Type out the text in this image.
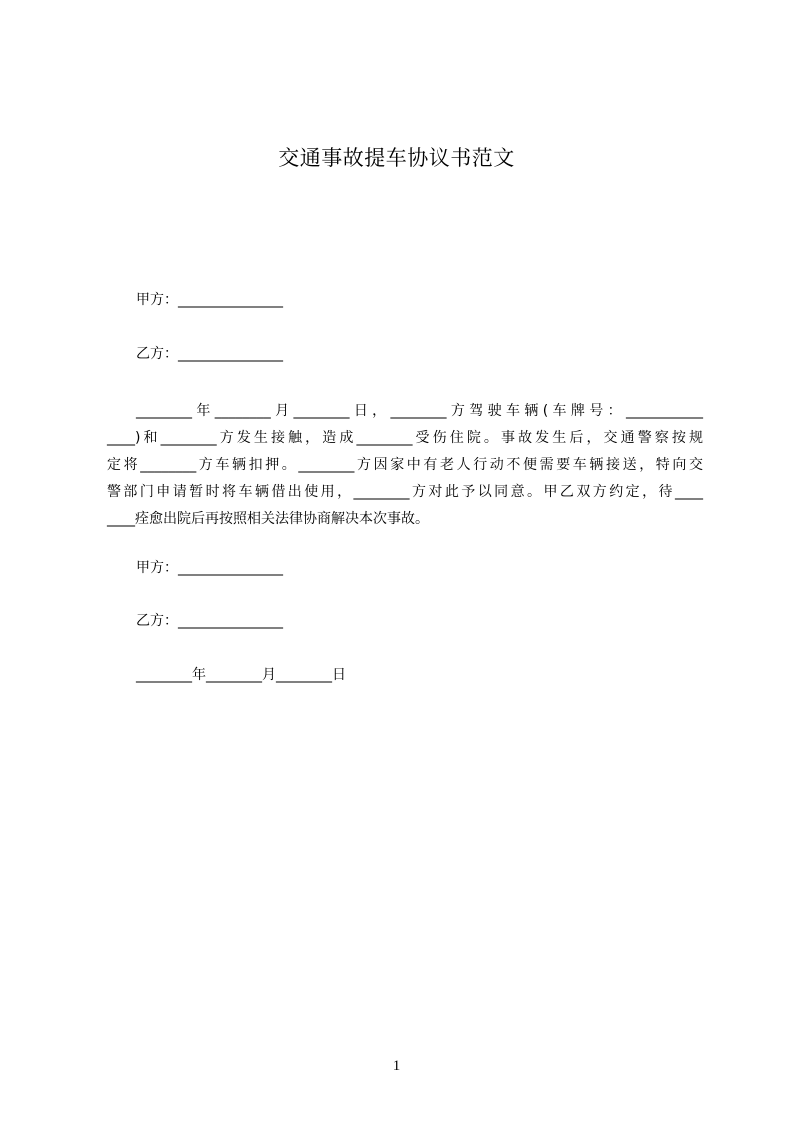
交通事故提车协议书范文
甲方：_______________
乙方：_______________
________年________月________日，________方驾驶车辆(车牌号：___________
____)和________方发生接触，造成________受伤住院。事故发生后，交通警察按规
定将________方车辆扣押。________方因家中有老人行动不便需要车辆接送，特向交
警部门申请暂时将车辆借出使用，________方对此予以同意。甲乙双方约定，待____
____痊愈出院后再按照相关法律协商解决本次事故。
甲方：_______________
乙方：_______________
________年________月________日
1
